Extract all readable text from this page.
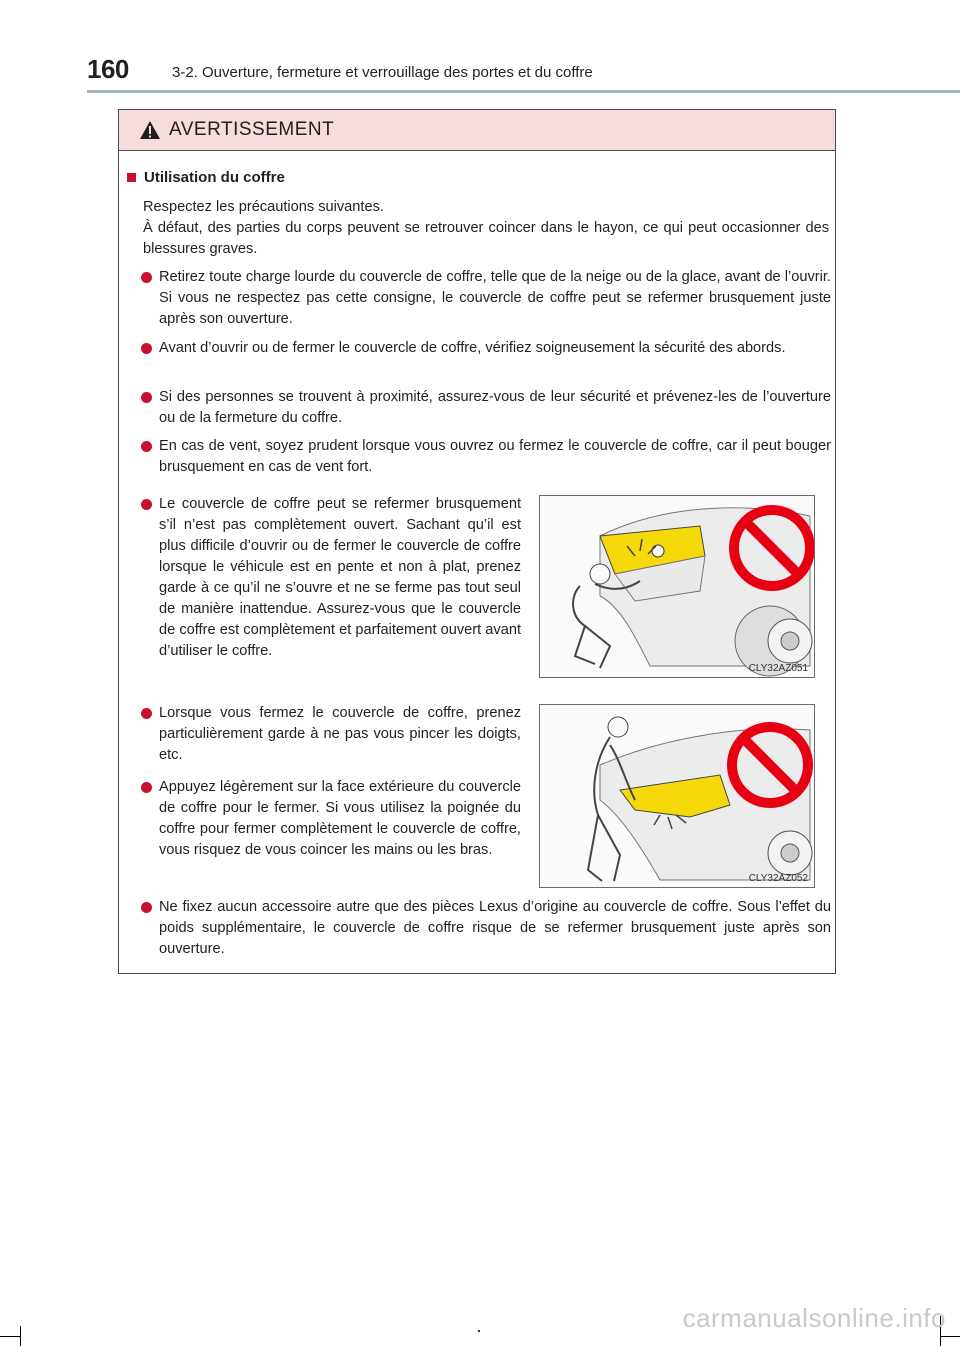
160	3-2. Ouverture, fermeture et verrouillage des portes et du coffre
AVERTISSEMENT
Utilisation du coffre
Respectez les précautions suivantes.
À défaut, des parties du corps peuvent se retrouver coincer dans le hayon, ce qui peut occasionner des blessures graves.
Retirez toute charge lourde du couvercle de coffre, telle que de la neige ou de la glace, avant de l’ouvrir. Si vous ne respectez pas cette consigne, le couvercle de coffre peut se refermer brusquement juste après son ouverture.
Avant d’ouvrir ou de fermer le couvercle de coffre, vérifiez soigneusement la sécurité des abords.
Si des personnes se trouvent à proximité, assurez-vous de leur sécurité et prévenez-les de l’ouverture ou de la fermeture du coffre.
En cas de vent, soyez prudent lorsque vous ouvrez ou fermez le couvercle de coffre, car il peut bouger brusquement en cas de vent fort.
Le couvercle de coffre peut se refermer brusquement s’il n’est pas complètement ouvert. Sachant qu’il est plus difficile d’ouvrir ou de fermer le couvercle de coffre lorsque le véhicule est en pente et non à plat, prenez garde à ce qu’il ne s’ouvre et ne se ferme pas tout seul de manière inattendue. Assurez-vous que le couvercle de coffre est complètement et parfaitement ouvert avant d’utiliser le coffre.
CLY32AZ051
Lorsque vous fermez le couvercle de coffre, prenez particulièrement garde à ne pas vous pincer les doigts, etc.
Appuyez légèrement sur la face extérieure du couvercle de coffre pour le fermer. Si vous utilisez la poignée du coffre pour fermer complètement le couvercle de coffre, vous risquez de vous coincer les mains ou les bras.
CLY32AZ052
Ne fixez aucun accessoire autre que des pièces Lexus d’origine au couvercle de coffre. Sous l’effet du poids supplémentaire, le couvercle de coffre risque de se refermer brusquement juste après son ouverture.
carmanualsonline.info
